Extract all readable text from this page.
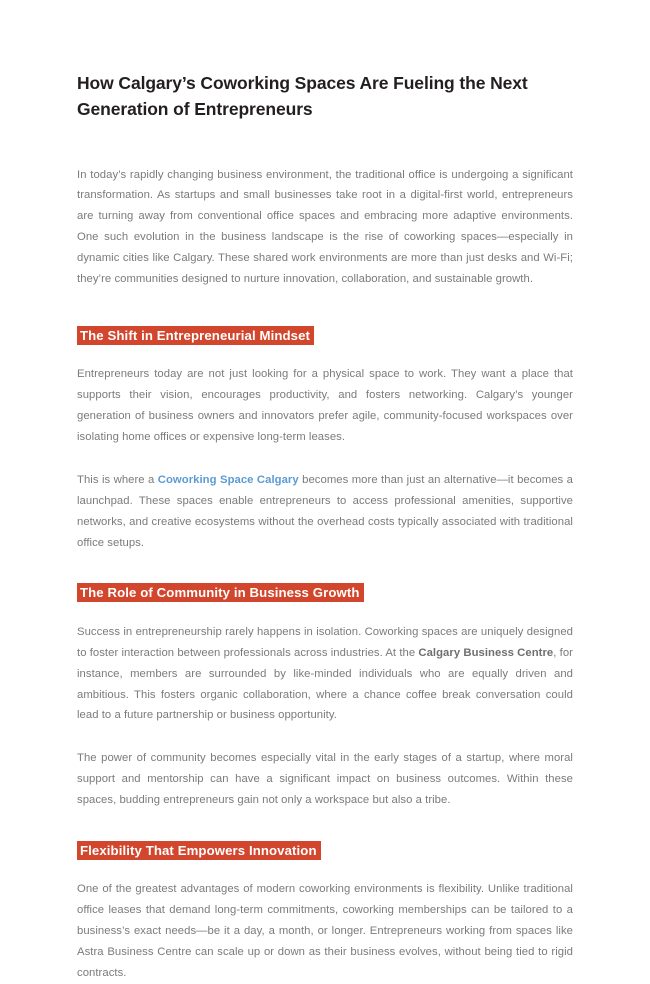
How Calgary’s Coworking Spaces Are Fueling the Next Generation of Entrepreneurs

In today’s rapidly changing business environment, the traditional office is undergoing a significant transformation. As startups and small businesses take root in a digital-first world, entrepreneurs are turning away from conventional office spaces and embracing more adaptive environments. One such evolution in the business landscape is the rise of coworking spaces—especially in dynamic cities like Calgary. These shared work environments are more than just desks and Wi-Fi; they’re communities designed to nurture innovation, collaboration, and sustainable growth.

The Shift in Entrepreneurial Mindset

Entrepreneurs today are not just looking for a physical space to work. They want a place that supports their vision, encourages productivity, and fosters networking. Calgary’s younger generation of business owners and innovators prefer agile, community-focused workspaces over isolating home offices or expensive long-term leases.

This is where a Coworking Space Calgary becomes more than just an alternative—it becomes a launchpad. These spaces enable entrepreneurs to access professional amenities, supportive networks, and creative ecosystems without the overhead costs typically associated with traditional office setups.

The Role of Community in Business Growth

Success in entrepreneurship rarely happens in isolation. Coworking spaces are uniquely designed to foster interaction between professionals across industries. At the Calgary Business Centre, for instance, members are surrounded by like-minded individuals who are equally driven and ambitious. This fosters organic collaboration, where a chance coffee break conversation could lead to a future partnership or business opportunity.

The power of community becomes especially vital in the early stages of a startup, where moral support and mentorship can have a significant impact on business outcomes. Within these spaces, budding entrepreneurs gain not only a workspace but also a tribe.

Flexibility That Empowers Innovation

One of the greatest advantages of modern coworking environments is flexibility. Unlike traditional office leases that demand long-term commitments, coworking memberships can be tailored to a business’s exact needs—be it a day, a month, or longer. Entrepreneurs working from spaces like Astra Business Centre can scale up or down as their business evolves, without being tied to rigid contracts.
